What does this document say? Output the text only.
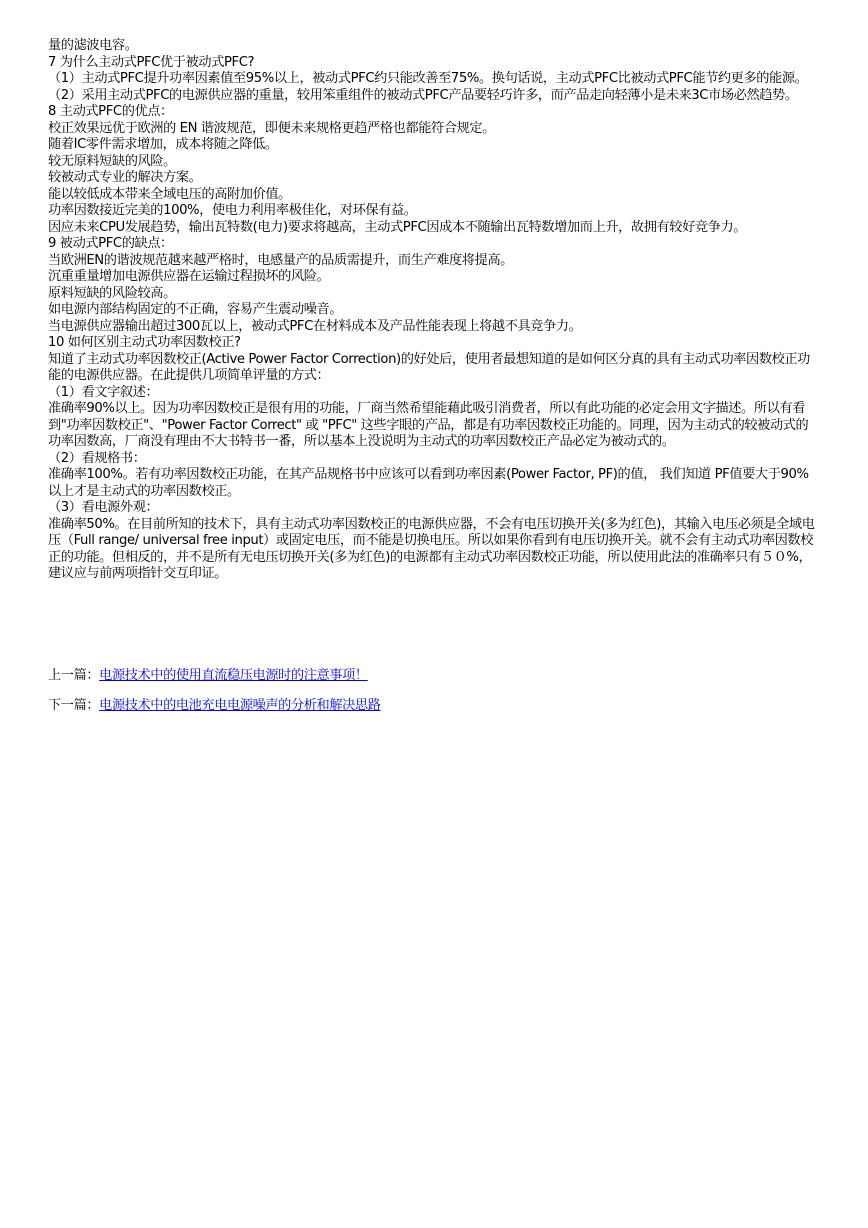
量的滤波电容。

7 为什么主动式PFC优于被动式PFC?

（1）主动式PFC提升功率因素值至95%以上，被动式PFC约只能改善至75%。换句话说，主动式PFC比被动式PFC能节约更多的能源。

（2）采用主动式PFC的电源供应器的重量，较用笨重组件的被动式PFC产品要轻巧许多，而产品走向轻薄小是未来3C市场必然趋势。

8 主动式PFC的优点：

校正效果远优于欧洲的 EN 谐波规范，即便未来规格更趋严格也都能符合规定。

随着IC零件需求增加，成本将随之降低。

较无原料短缺的风险。

较被动式专业的解决方案。

能以较低成本带来全域电压的高附加价值。

功率因数接近完美的100%，使电力利用率极佳化，对环保有益。

因应未来CPU发展趋势，输出瓦特数(电力)要求将越高，主动式PFC因成本不随输出瓦特数增加而上升，故拥有较好竞争力。

9 被动式PFC的缺点：

当欧洲EN的谐波规范越来越严格时，电感量产的品质需提升，而生产难度将提高。

沉重重量增加电源供应器在运输过程损坏的风险。

原料短缺的风险较高。

如电源内部结构固定的不正确，容易产生震动噪音。

当电源供应器输出超过300瓦以上，被动式PFC在材料成本及产品性能表现上将越不具竞争力。

10 如何区别主动式功率因数校正?

知道了主动式功率因数校正(Active Power Factor Correction)的好处后，使用者最想知道的是如何区分真的具有主动式功率因数校正功能的电源供应器。在此提供几项简单评量的方式：

（1）看文字叙述：

准确率90%以上。因为功率因数校正是很有用的功能，厂商当然希望能藉此吸引消费者，所以有此功能的必定会用文字描述。所以有看到"功率因数校正"、"Power Factor Correct" 或 "PFC" 这些字眼的产品，都是有功率因数校正功能的。同理，因为主动式的较被动式的功率因数高，厂商没有理由不大书特书一番，所以基本上没说明为主动式的功率因数校正产品必定为被动式的。

（2）看规格书：

准确率100%。若有功率因数校正功能，在其产品规格书中应该可以看到功率因素(Power Factor, PF)的值， 我们知道 PF值要大于90%以上才是主动式的功率因数校正。

（3）看电源外观：

准确率50%。在目前所知的技术下，具有主动式功率因数校正的电源供应器，不会有电压切换开关(多为红色)，其输入电压必须是全域电压（Full range/ universal free input）或固定电压，而不能是切换电压。所以如果你看到有电压切换开关。就不会有主动式功率因数校正的功能。但相反的，并不是所有无电压切换开关(多为红色)的电源都有主动式功率因数校正功能，所以使用此法的准确率只有５０%，建议应与前两项指针交互印证。

上一篇：电源技术中的使用直流稳压电源时的注意事项！
下一篇：电源技术中的电池充电电源噪声的分析和解决思路
